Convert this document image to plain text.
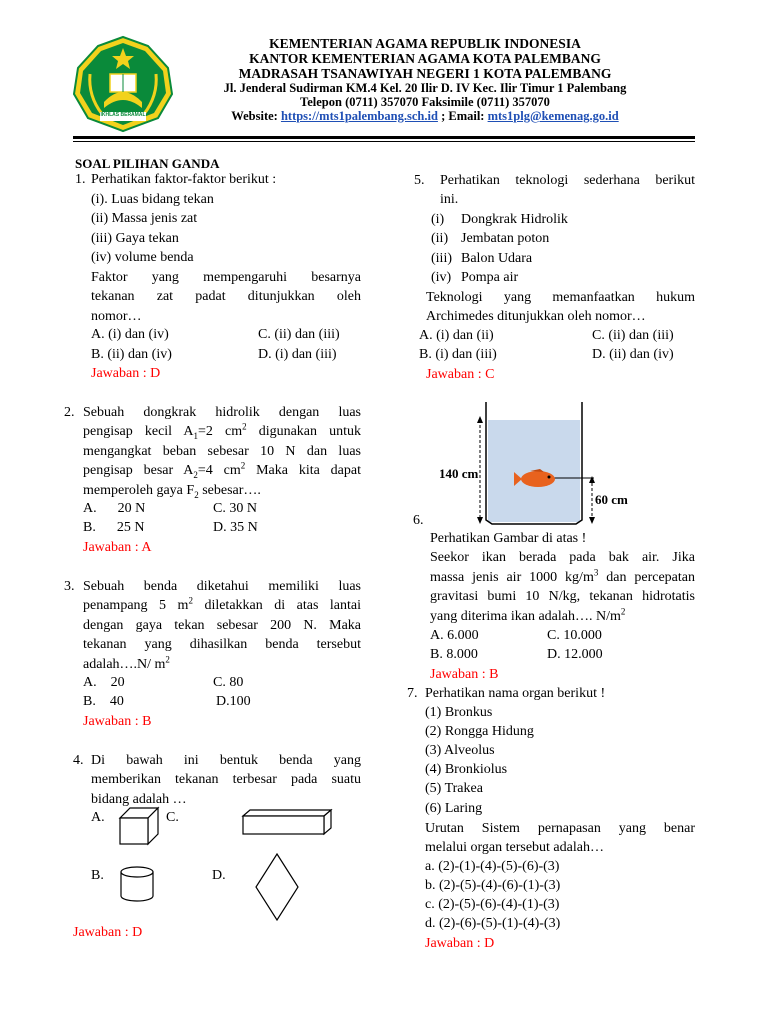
IKHLAS BERAMAL
KEMENTERIAN AGAMA REPUBLIK INDONESIA
KANTOR KEMENTERIAN AGAMA KOTA PALEMBANG
MADRASAH TSANAWIYAH NEGERI 1 KOTA PALEMBANG
Jl. Jenderal Sudirman KM.4 Kel. 20 Ilir D. IV Kec. Ilir Timur 1 Palembang
Telepon (0711) 357070 Faksimile (0711) 357070
Website: https://mts1palembang.sch.id ; Email: mts1plg@kemenag.go.id
SOAL PILIHAN GANDA
1. Perhatikan faktor-faktor berikut :
(i). Luas bidang tekan
(ii) Massa jenis zat
(iii) Gaya tekan
(iv) volume benda
Faktor yang mempengaruhi besarnya
tekanan zat padat ditunjukkan oleh
nomor…
A. (i) dan (iv)	C. (ii) dan (iii)
B. (ii) dan (iv)	D. (i) dan (iii)
Jawaban : D
2. Sebuah dongkrak hidrolik dengan luas
pengisap kecil $A_1=2$ $cm^2$ digunakan untuk
mengangkat beban sebesar 10 N dan luas
pengisap besar $A_2=4$ $cm^2$ Maka kita dapat
memperoleh gaya $F_2$ sebesar….
A.      20 N	C. 30 N
B.      25 N	D. 35 N
Jawaban : A
3. Sebuah benda diketahui memiliki luas
penampang 5 $m^2$ diletakkan di atas lantai
dengan gaya tekan sebesar 200 N. Maka
tekanan yang dihasilkan benda tersebut
adalah….N/ $m^2$
A.    20	C. 80
B.    40	D.100
Jawaban : B
4. Di bawah ini bentuk benda yang
memberikan tekanan terbesar pada suatu
bidang adalah …
A.	C.
B.	D.
Jawaban : D
5. Perhatikan teknologi sederhana berikut
ini.
(i) Dongkrak Hidrolik
(ii) Jembatan poton
(iii) Balon Udara
(iv) Pompa air
Teknologi yang memanfaatkan hukum
Archimedes ditunjukkan oleh nomor…
A. (i) dan (ii)	C. (ii) dan (iii)
B. (i) dan (iii)	D. (ii) dan (iv)
Jawaban : C
140 cm
60 cm
6.
Perhatikan Gambar di atas !
Seekor ikan berada pada bak air. Jika
massa jenis air 1000 $kg/m^3$ dan percepatan
gravitasi bumi 10 N/kg, tekanan hidrotatis
yang diterima ikan adalah…. $N/m^2$
A. 6.000	C. 10.000
B. 8.000	D. 12.000
Jawaban : B
7. Perhatikan nama organ berikut !
(1) Bronkus
(2) Rongga Hidung
(3) Alveolus
(4) Bronkiolus
(5) Trakea
(6) Laring
Urutan Sistem pernapasan yang benar
melalui organ tersebut adalah…
a. (2)-(1)-(4)-(5)-(6)-(3)
b. (2)-(5)-(4)-(6)-(1)-(3)
c. (2)-(5)-(6)-(4)-(1)-(3)
d. (2)-(6)-(5)-(1)-(4)-(3)
Jawaban : D
